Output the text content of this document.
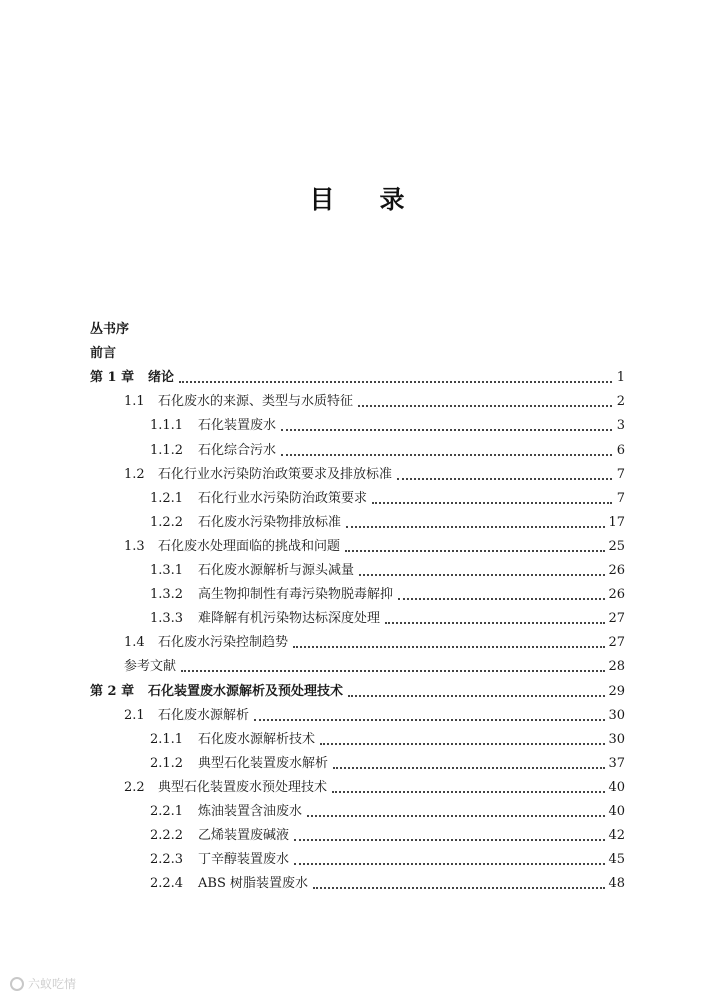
目 录
丛书序
前言
第 1 章	绪论	1
1.1	石化废水的来源、类型与水质特征	2
1.1.1	石化装置废水	3
1.1.2	石化综合污水	6
1.2	石化行业水污染防治政策要求及排放标准	7
1.2.1	石化行业水污染防治政策要求	7
1.2.2	石化废水污染物排放标准	17
1.3	石化废水处理面临的挑战和问题	25
1.3.1	石化废水源解析与源头减量	26
1.3.2	高生物抑制性有毒污染物脱毒解抑	26
1.3.3	难降解有机污染物达标深度处理	27
1.4	石化废水污染控制趋势	27
参考文献	28
第 2 章	石化装置废水源解析及预处理技术	29
2.1	石化废水源解析	30
2.1.1	石化废水源解析技术	30
2.1.2	典型石化装置废水解析	37
2.2	典型石化装置废水预处理技术	40
2.2.1	炼油装置含油废水	40
2.2.2	乙烯装置废碱液	42
2.2.3	丁辛醇装置废水	45
2.2.4	ABS 树脂装置废水	48
六蚁吃情
